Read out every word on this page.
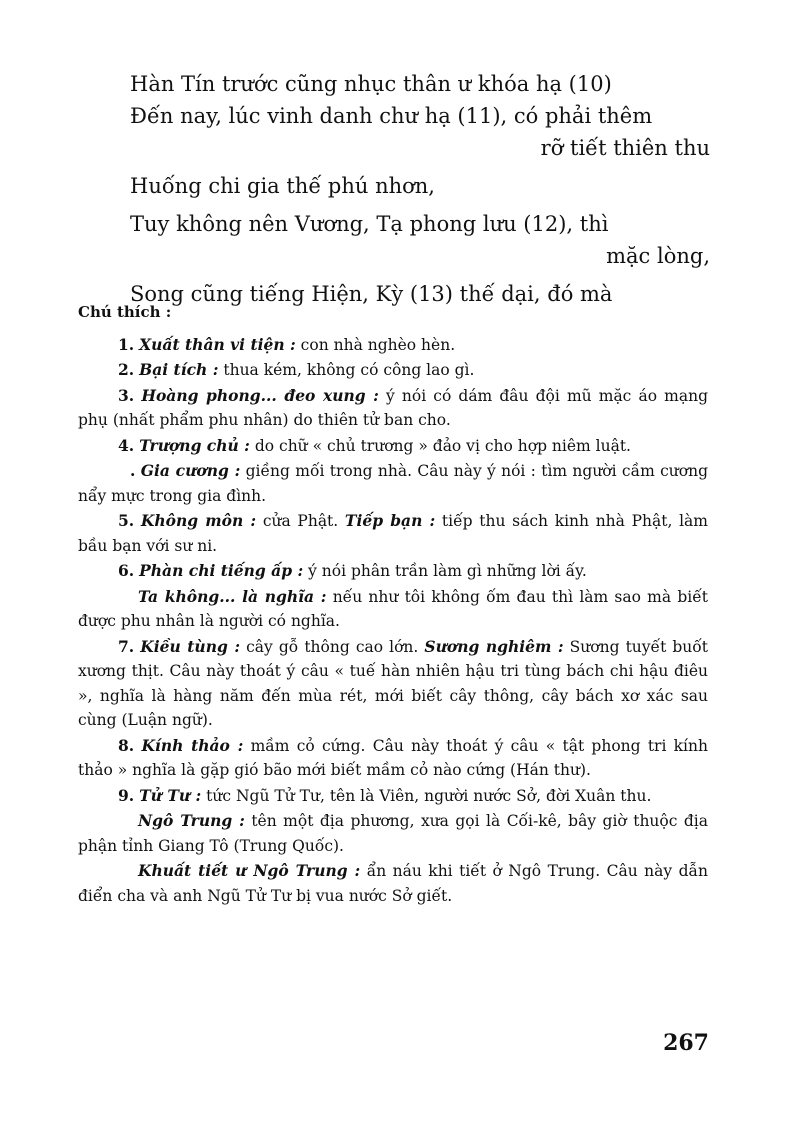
Hàn Tín trước cũng nhục thân ư khóa hạ (10)
Đến nay, lúc vinh danh chư hạ (11), có phải thêm
rỡ tiết thiên thu
Huống chi gia thế phú nhơn,
Tuy không nên Vương, Tạ phong lưu (12), thì
mặc lòng,
Song cũng tiếng Hiện, Kỳ (13) thế dại, đó mà
Chú thích :

1. Xuất thân vi tiện : con nhà nghèo hèn.

2. Bại tích : thua kém, không có công lao gì.

3. Hoàng phong... đeo xung : ý nói có dám đâu đội mũ mặc áo mạng phụ (nhất phẩm phu nhân) do thiên tử ban cho.

4. Trượng chủ : do chữ « chủ trương » đảo vị cho hợp niêm luật.

. Gia cương : giềng mối trong nhà. Câu này ý nói : tìm người cầm cương nẩy mực trong gia đình.

5. Không môn : cửa Phật. Tiếp bạn : tiếp thu sách kinh nhà Phật, làm bầu bạn với sư ni.

6. Phàn chi tiếng ấp : ý nói phân trần làm gì những lời ấy.

Ta không... là nghĩa : nếu như tôi không ốm đau thì làm sao mà biết được phu nhân là người có nghĩa.

7. Kiều tùng : cây gỗ thông cao lớn. Sương nghiêm : Sương tuyết buốt xương thịt. Câu này thoát ý câu « tuế hàn nhiên hậu tri tùng bách chi hậu điêu », nghĩa là hàng năm đến mùa rét, mới biết cây thông, cây bách xơ xác sau cùng (Luận ngữ).

8. Kính thảo : mầm cỏ cứng. Câu này thoát ý câu « tật phong tri kính thảo » nghĩa là gặp gió bão mới biết mầm cỏ nào cứng (Hán thư).

9. Tử Tư : tức Ngũ Tử Tư, tên là Viên, người nước Sở, đời Xuân thu.

Ngô Trung : tên một địa phương, xưa gọi là Cối-kê, bây giờ thuộc địa phận tỉnh Giang Tô (Trung Quốc).

Khuất tiết ư Ngô Trung : ẩn náu khi tiết ở Ngô Trung. Câu này dẫn điển cha và anh Ngũ Tử Tư bị vua nước Sở giết.

267
